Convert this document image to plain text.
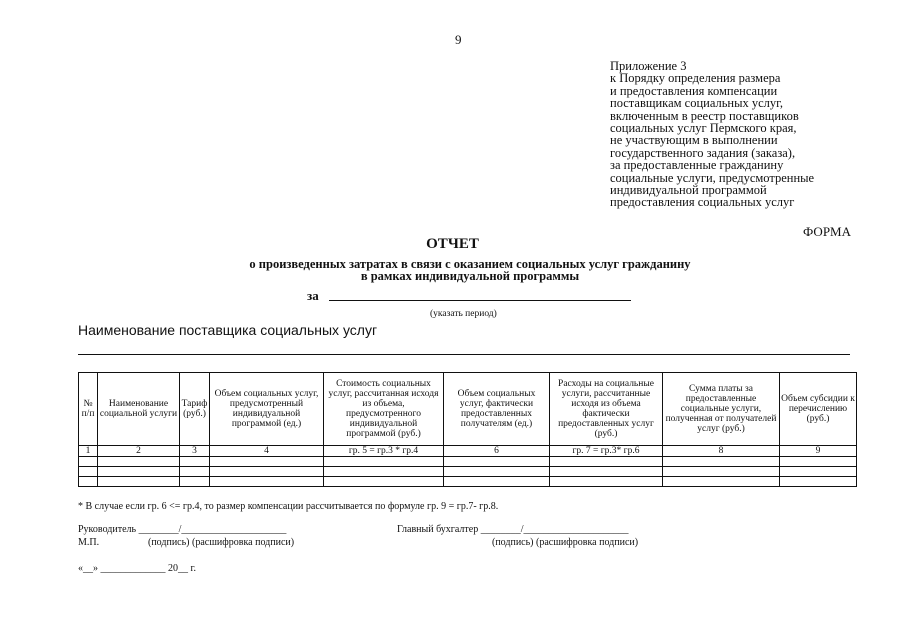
9
Приложение 3
к Порядку определения размера
и предоставления компенсации
поставщикам социальных услуг,
включенным в реестр поставщиков
социальных услуг Пермского края,
не участвующим в выполнении
государственного задания (заказа),
за предоставленные гражданину
социальные услуги, предусмотренные
индивидуальной программой
предоставления социальных услуг
ФОРМА
ОТЧЕТ
о произведенных затратах в связи с оказанием социальных услуг гражданину
в рамках индивидуальной программы
за
(указать период)
Наименование поставщика социальных услуг
№ п/п	Наименование социальной услуги	Тариф (руб.)	Объем социальных услуг, предусмотренный индивидуальной программой (ед.)	Стоимость социальных услуг, рассчитанная исходя из объема, предусмотренного индивидуальной программой (руб.)	Объем социальных услуг, фактически предоставленных получателям (ед.)	Расходы на социальные услуги, рассчитанные исходя из объема фактически предоставленных услуг (руб.)	Сумма платы за предоставленные социальные услуги, полученная от получателей услуг (руб.)	Объем субсидии к перечислению (руб.)
1	2	3	4	гр. 5 = гр.3 * гр.4	6	гр. 7 = гр.3* гр.6	8	9

* В случае если гр. 6 <= гр.4, то размер компенсации рассчитывается по формуле гр. 9 = гр.7- гр.8.
Руководитель ________/_____________________
М.П.	(подпись) (расшифровка подписи)
Главный бухгалтер ________/_____________________
(подпись) (расшифровка подписи)
«__» _____________ 20__ г.
